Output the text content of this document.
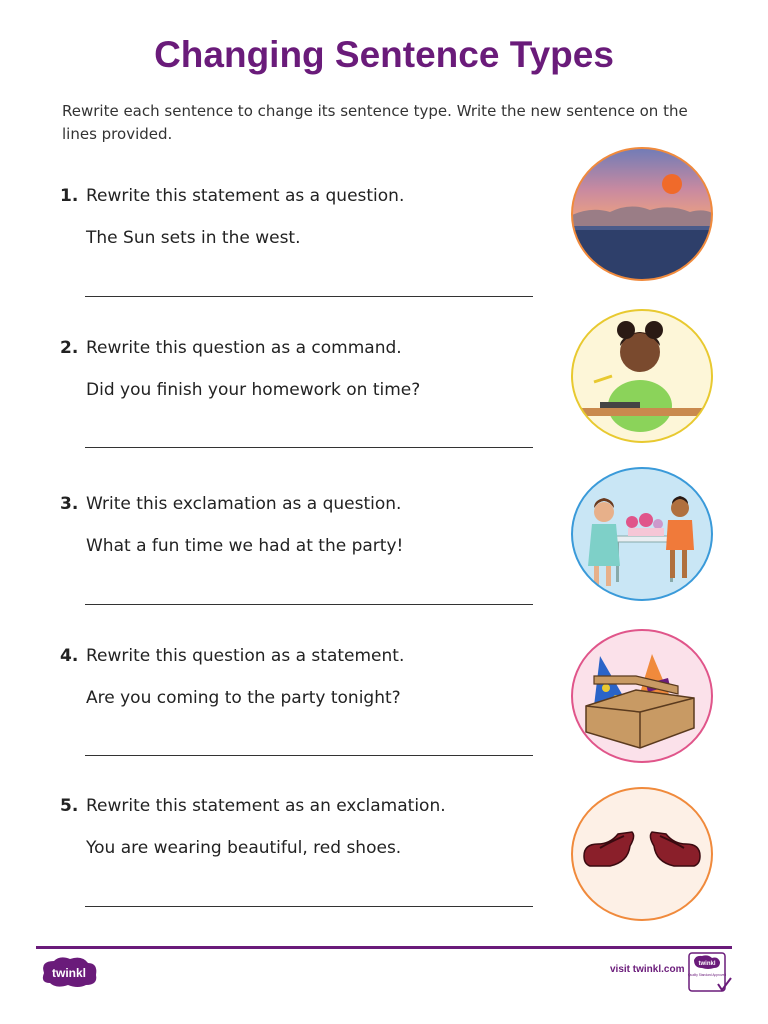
Changing Sentence Types
Rewrite each sentence to change its sentence type. Write the new sentence on the lines provided.
1. Rewrite this statement as a question.
The Sun sets in the west.
2. Rewrite this question as a command.
Did you finish your homework on time?
3. Write this exclamation as a question.
What a fun time we had at the party!
4. Rewrite this question as a statement.
Are you coming to the party tonight?
5. Rewrite this statement as an exclamation.
You are wearing beautiful, red shoes.
twinkl	visit twinkl.com twinkl
Quality Standard Approved
